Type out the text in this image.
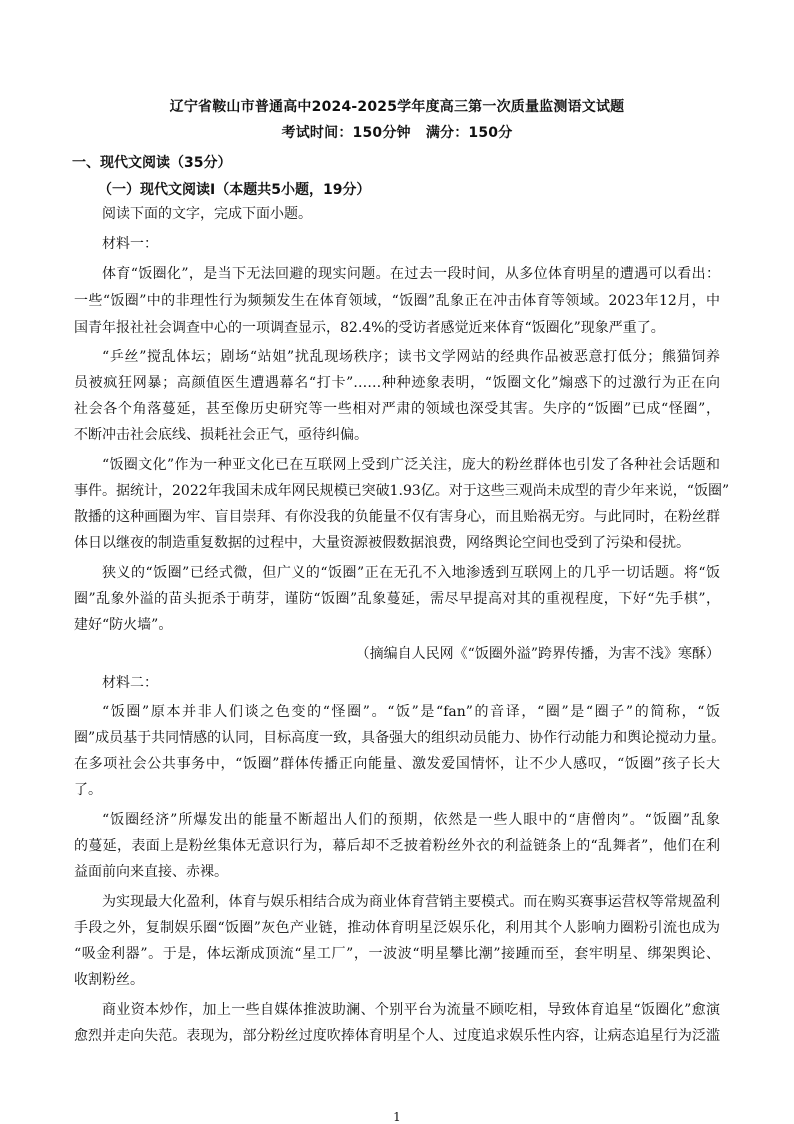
辽宁省鞍山市普通高中2024-2025学年度高三第一次质量监测语文试题
考试时间：150分钟 满分：150分
一、现代文阅读（35分）
（一）现代文阅读Ⅰ（本题共5小题，19分）
阅读下面的文字，完成下面小题。
材料一：
体育“饭圈化”，是当下无法回避的现实问题。在过去一段时间，从多位体育明星的遭遇可以看出：
一些“饭圈”中的非理性行为频频发生在体育领域，“饭圈”乱象正在冲击体育等领域。2023年12月，中
国青年报社社会调查中心的一项调查显示，82.4%的受访者感觉近来体育“饭圈化”现象严重了。
“乒丝”搅乱体坛；剧场“站姐”扰乱现场秩序；读书文学网站的经典作品被恶意打低分；熊猫饲养
员被疯狂网暴；高颜值医生遭遇幕名“打卡”……种种迹象表明，“饭圈文化”煽惑下的过激行为正在向
社会各个角落蔓延，甚至像历史研究等一些相对严肃的领域也深受其害。失序的“饭圈”已成“怪圈”，
不断冲击社会底线、损耗社会正气，亟待纠偏。
“饭圈文化”作为一种亚文化已在互联网上受到广泛关注，庞大的粉丝群体也引发了各种社会话题和
事件。据统计，2022年我国未成年网民规模已突破1.93亿。对于这些三观尚未成型的青少年来说，“饭圈”
散播的这种画圈为牢、盲目崇拜、有你没我的负能量不仅有害身心，而且贻祸无穷。与此同时，在粉丝群
体日以继夜的制造重复数据的过程中，大量资源被假数据浪费，网络舆论空间也受到了污染和侵扰。
狭义的“饭圈”已经式微，但广义的“饭圈”正在无孔不入地渗透到互联网上的几乎一切话题。将“饭
圈”乱象外溢的苗头扼杀于萌芽，谨防“饭圈”乱象蔓延，需尽早提高对其的重视程度，下好“先手棋”，
建好“防火墙”。
（摘编自人民网《“饭圈外溢”跨界传播，为害不浅》寒酥）
材料二：
“饭圈”原本并非人们谈之色变的“怪圈”。“饭”是“fan”的音译，“圈”是“圈子”的简称，“饭
圈”成员基于共同情感的认同，目标高度一致，具备强大的组织动员能力、协作行动能力和舆论搅动力量。
在多项社会公共事务中，“饭圈”群体传播正向能量、激发爱国情怀，让不少人感叹，“饭圈”孩子长大
了。
“饭圈经济”所爆发出的能量不断超出人们的预期，依然是一些人眼中的“唐僧肉”。“饭圈”乱象
的蔓延，表面上是粉丝集体无意识行为，幕后却不乏披着粉丝外衣的利益链条上的“乱舞者”，他们在利
益面前向来直接、赤裸。
为实现最大化盈利，体育与娱乐相结合成为商业体育营销主要模式。而在购买赛事运营权等常规盈利
手段之外，复制娱乐圈“饭圈”灰色产业链，推动体育明星泛娱乐化，利用其个人影响力圈粉引流也成为
“吸金利器”。于是，体坛渐成顶流“星工厂”，一波波“明星攀比潮”接踵而至，套牢明星、绑架舆论、
收割粉丝。
商业资本炒作，加上一些自媒体推波助澜、个别平台为流量不顾吃相，导致体育追星“饭圈化”愈演
愈烈并走向失范。表现为，部分粉丝过度吹捧体育明星个人、过度追求娱乐性内容，让病态追星行为泛滥
1
